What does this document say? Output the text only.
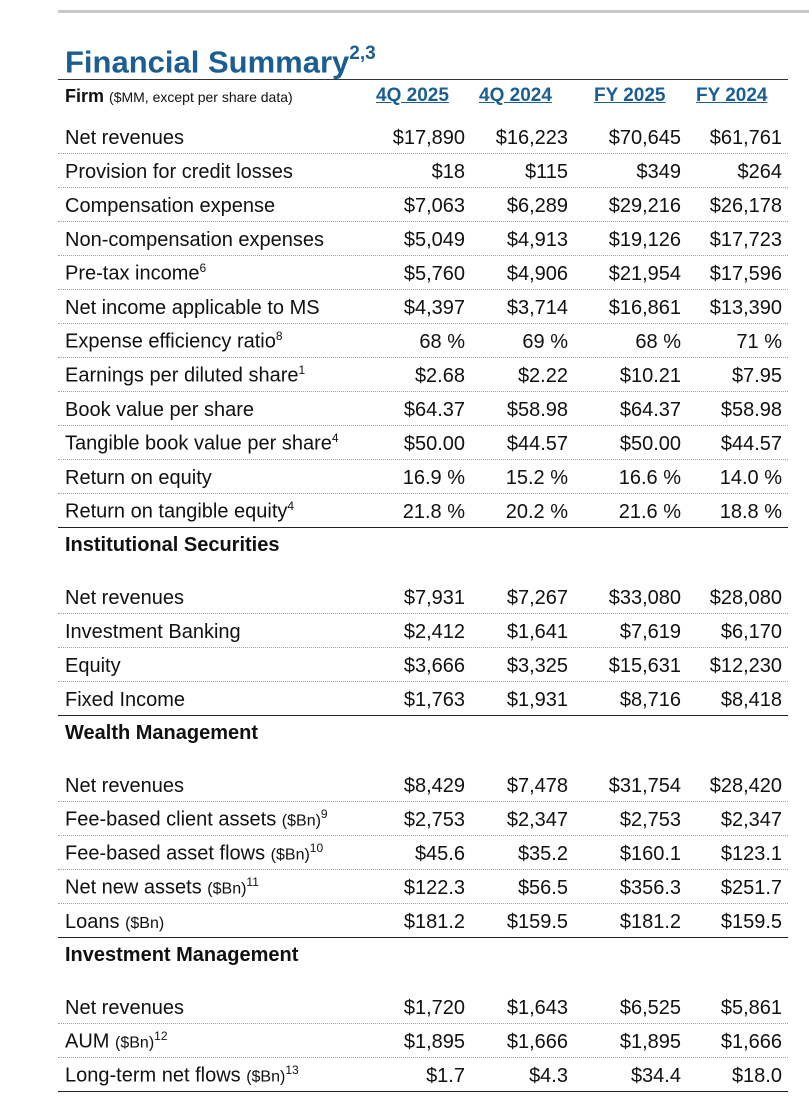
Financial Summary$^{2,3}$
Firm ($MM, except per share data)	4Q 2025 4Q 2024 FY 2025 FY 2024
Net revenues	$17,890 $16,223 $70,645 $61,761
Provision for credit losses	$18	$115	$349	$264
Compensation expense	$7,063 $6,289 $29,216 $26,178
Non-compensation expenses	$5,049 $4,913 $19,126 $17,723
Pre-tax income$^6$	$5,760 $4,906 $21,954 $17,596
Net income applicable to MS	$4,397 $3,714 $16,861 $13,390
Expense efficiency ratio$^8$	68 %	69 %	68 %	71 %
Earnings per diluted share$^1$	$2.68	$2.22	$10.21	$7.95
Book value per share	$64.37 $58.98	$64.37 $58.98
Tangible book value per share$^4$	$50.00 $44.57	$50.00 $44.57
Return on equity	16.9 % 15.2 %	16.6 % 14.0 %
Return on tangible equity$^4$	21.8 % 20.2 %	21.6 % 18.8 %
Institutional Securities
Net revenues	$7,931 $7,267 $33,080 $28,080
Investment Banking	$2,412 $1,641	$7,619 $6,170
Equity	$3,666 $3,325 $15,631 $12,230
Fixed Income	$1,763 $1,931	$8,716 $8,418
Wealth Management
Net revenues	$8,429 $7,478 $31,754 $28,420
Fee-based client assets ($Bn)$^9$	$2,753 $2,347	$2,753 $2,347
Fee-based asset flows ($Bn)$^{10}$	$45.6	$35.2	$160.1 $123.1
Net new assets ($Bn)$^{11}$	$122.3	$56.5	$356.3 $251.7
Loans ($Bn)	$181.2 $159.5	$181.2 $159.5
Investment Management
Net revenues	$1,720 $1,643	$6,525 $5,861
AUM ($Bn)$^{12}$	$1,895 $1,666	$1,895 $1,666
Long-term net flows ($Bn)$^{13}$	$1.7	$4.3	$34.4	$18.0
